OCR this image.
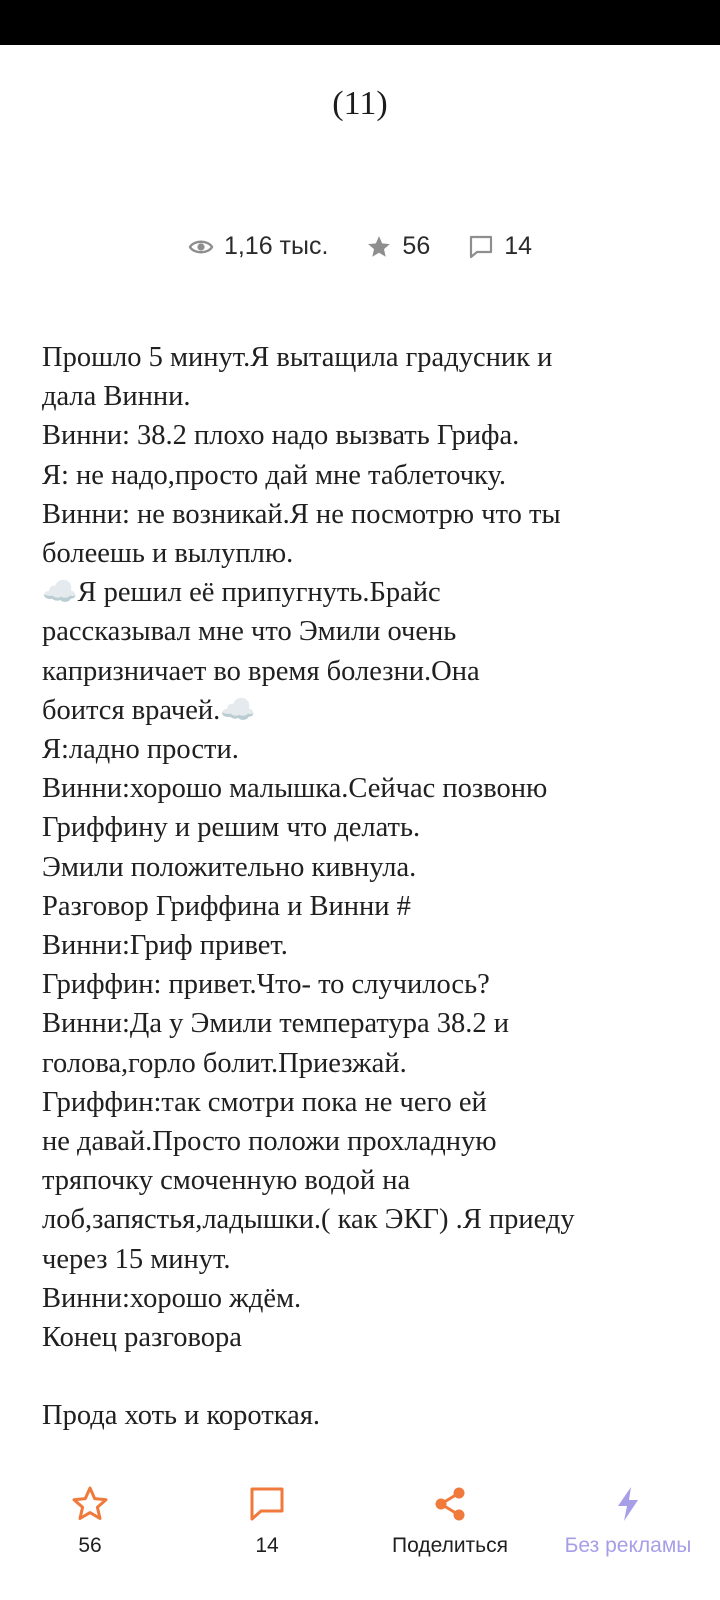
(11)
1,16 тыс.	56	14
Прошло 5 минут.Я вытащила градусник и
дала Винни.
Винни: 38.2 плохо надо вызвать Грифа.
Я: не надо,просто дай мне таблеточку.
Винни: не возникай.Я не посмотрю что ты
болеешь и вылуплю.
☁️Я решил её припугнуть.Брайс
рассказывал мне что Эмили очень
капризничает во время болезни.Она
боится врачей.☁️
Я:ладно прости.
Винни:хорошо малышка.Сейчас позвоню
Гриффину и решим что делать.
Эмили положительно кивнула.
Разговор Гриффина и Винни #
Винни:Гриф привет.
Гриффин: привет.Что- то случилось?
Винни:Да у Эмили температура 38.2 и
голова,горло болит.Приезжай.
Гриффин:так смотри пока не чего ей
не давай.Просто положи прохладную
тряпочку смоченную водой на
лоб,запястья,ладышки.( как ЭКГ) .Я приеду
через 15 минут.
Винни:хорошо ждём.
Конец разговора
Прода хоть и короткая.
56	14	Поделиться	Без рекламы
